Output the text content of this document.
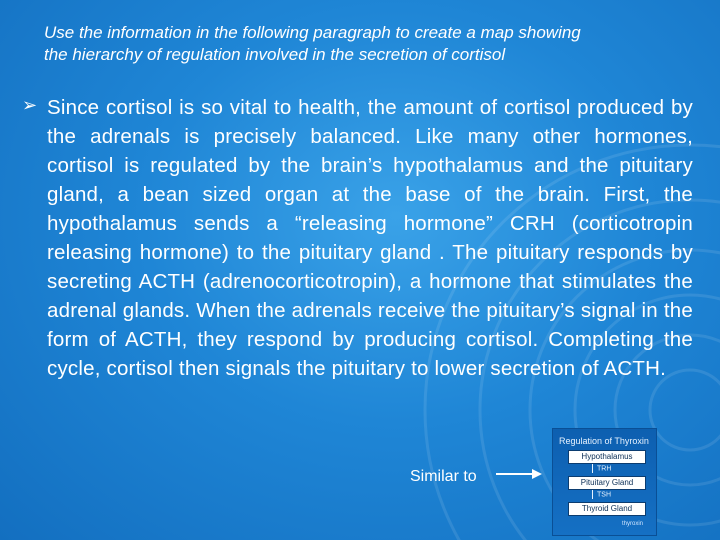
Use the information in the following paragraph to create a map showing
the hierarchy of regulation involved in the secretion of cortisol
➢ Since cortisol is so vital to health, the amount of cortisol produced by the adrenals is precisely balanced. Like many other hormones, cortisol is regulated by the brain’s hypothalamus and the pituitary gland, a bean sized organ at the base of the brain. First, the hypothalamus sends a “releasing hormone” CRH (corticotropin releasing hormone) to the pituitary gland . The pituitary responds by secreting ACTH (adrenocorticotropin), a hormone that stimulates the adrenal glands. When the adrenals receive the pituitary’s signal in the form of ACTH, they respond by producing cortisol. Completing the cycle, cortisol then signals the pituitary to lower secretion of ACTH.
Similar to
Regulation of Thyroxin
Hypothalamus
TRH
Pituitary Gland
TSH
Thyroid Gland
thyroxin
